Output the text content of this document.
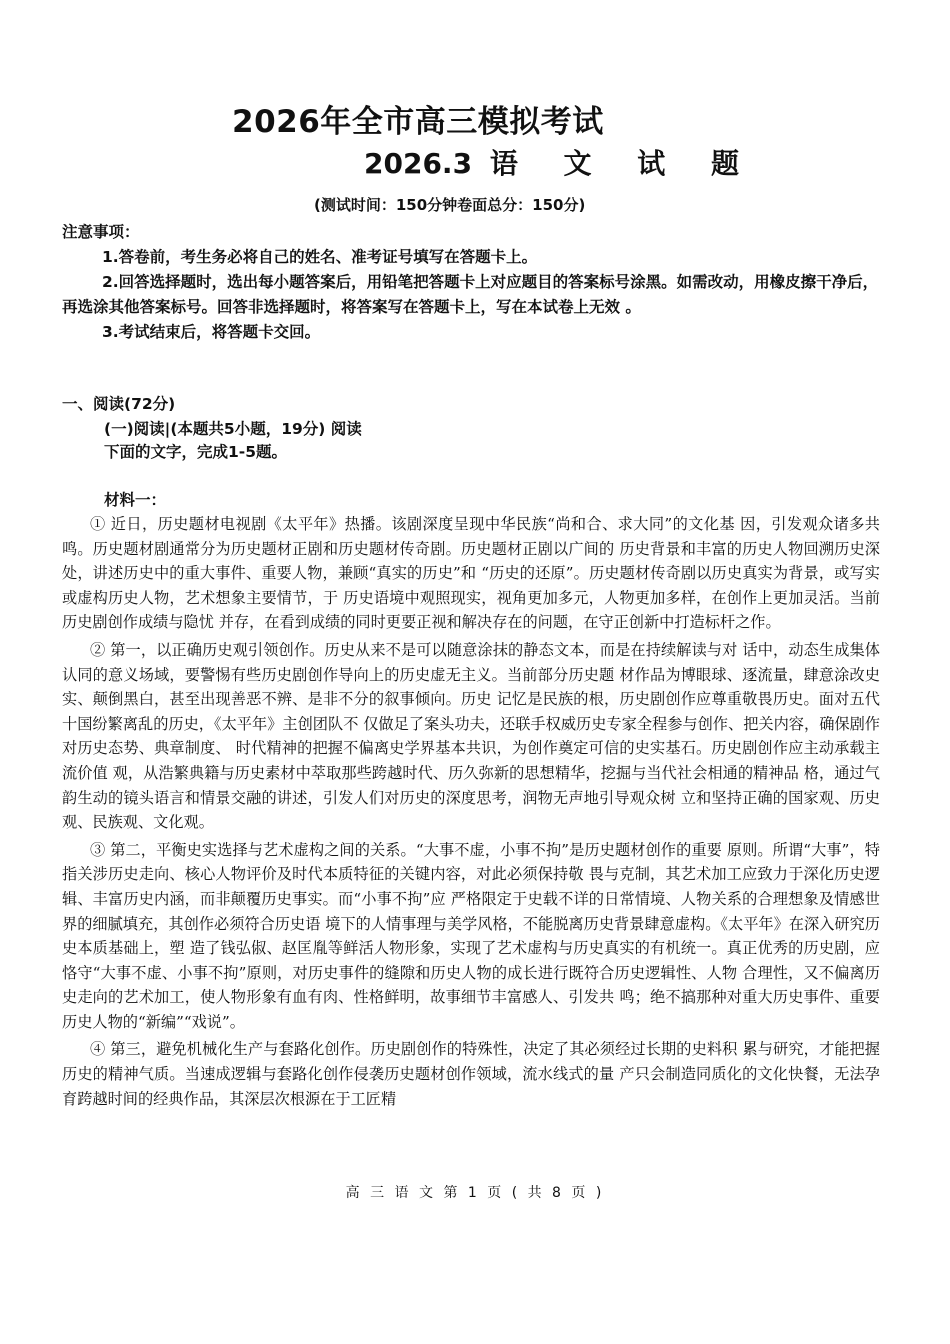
2026年全市高三模拟考试
2026.3 语 文 试 题
(测试时间：150分钟卷面总分：150分)

注意事项：

1.答卷前，考生务必将自己的姓名、准考证号填写在答题卡上。

2.回答选择题时，选出每小题答案后，用铅笔把答题卡上对应题目的答案标号涂黑。如需改动，用橡皮擦干净后，再选涂其他答案标号。回答非选择题时，将答案写在答题卡上，写在本试卷上无效 。

3.考试结束后，将答题卡交回。

一、阅读(72分)
(一)阅读|(本题共5小题，19分) 阅读下面的文字，完成1-5题。
材料一：

① 近日，历史题材电视剧《太平年》热播。该剧深度呈现中华民族“尚和合、求大同”的文化基 因，引发观众诸多共鸣。历史题材剧通常分为历史题材正剧和历史题材传奇剧。历史题材正剧以广间的 历史背景和丰富的历史人物回溯历史深处，讲述历史中的重大事件、重要人物，兼顾“真实的历史”和 “历史的还原”。历史题材传奇剧以历史真实为背景，或写实或虚构历史人物，艺术想象主要情节，于 历史语境中观照现实，视角更加多元，人物更加多样，在创作上更加灵活。当前历史剧创作成绩与隐忧 并存，在看到成绩的同时更要正视和解决存在的问题，在守正创新中打造标杆之作。

② 第一，以正确历史观引领创作。历史从来不是可以随意涂抹的静态文本，而是在持续解读与对 话中，动态生成集体认同的意义场域，要警惕有些历史剧创作导向上的历史虚无主义。当前部分历史题 材作品为博眼球、逐流量，肆意涂改史实、颠倒黑白，甚至出现善恶不辨、是非不分的叙事倾向。历史 记忆是民族的根，历史剧创作应尊重敬畏历史。面对五代十国纷繁离乱的历史，《太平年》主创团队不 仅做足了案头功夫，还联手权威历史专家全程参与创作、把关内容，确保剧作对历史态势、典章制度、 时代精神的把握不偏离史学界基本共识，为创作奠定可信的史实基石。历史剧创作应主动承载主流价值 观，从浩繁典籍与历史素材中萃取那些跨越时代、历久弥新的思想精华，挖掘与当代社会相通的精神品 格，通过气韵生动的镜头语言和情景交融的讲述，引发人们对历史的深度思考，润物无声地引导观众树 立和坚持正确的国家观、历史观、民族观、文化观。

③ 第二，平衡史实选择与艺术虚构之间的关系。“大事不虚，小事不拘”是历史题材创作的重要 原则。所谓“大事”，特指关涉历史走向、核心人物评价及时代本质特征的关键内容，对此必须保持敬 畏与克制，其艺术加工应致力于深化历史逻辑、丰富历史内涵，而非颠覆历史事实。而“小事不拘”应 严格限定于史载不详的日常情境、人物关系的合理想象及情感世界的细腻填充，其创作必须符合历史语 境下的人情事理与美学风格，不能脱离历史背景肆意虚构。《太平年》在深入研究历史本质基础上，塑 造了钱弘俶、赵匡胤等鲜活人物形象，实现了艺术虚构与历史真实的有机统一。真正优秀的历史剧，应 恪守“大事不虚、小事不拘”原则，对历史事件的缝隙和历史人物的成长进行既符合历史逻辑性、人物 合理性，又不偏离历史走向的艺术加工，使人物形象有血有肉、性格鲜明，故事细节丰富感人、引发共 鸣；绝不搞那种对重大历史事件、重要历史人物的“新编”“戏说”。

④ 第三，避免机械化生产与套路化创作。历史剧创作的特殊性，决定了其必须经过长期的史料积 累与研究，才能把握历史的精神气质。当速成逻辑与套路化创作侵袭历史题材创作领域，流水线式的量 产只会制造同质化的文化快餐，无法孕育跨越时间的经典作品，其深层次根源在于工匠精

高 三 语 文 第 1 页 ( 共 8 页 )
